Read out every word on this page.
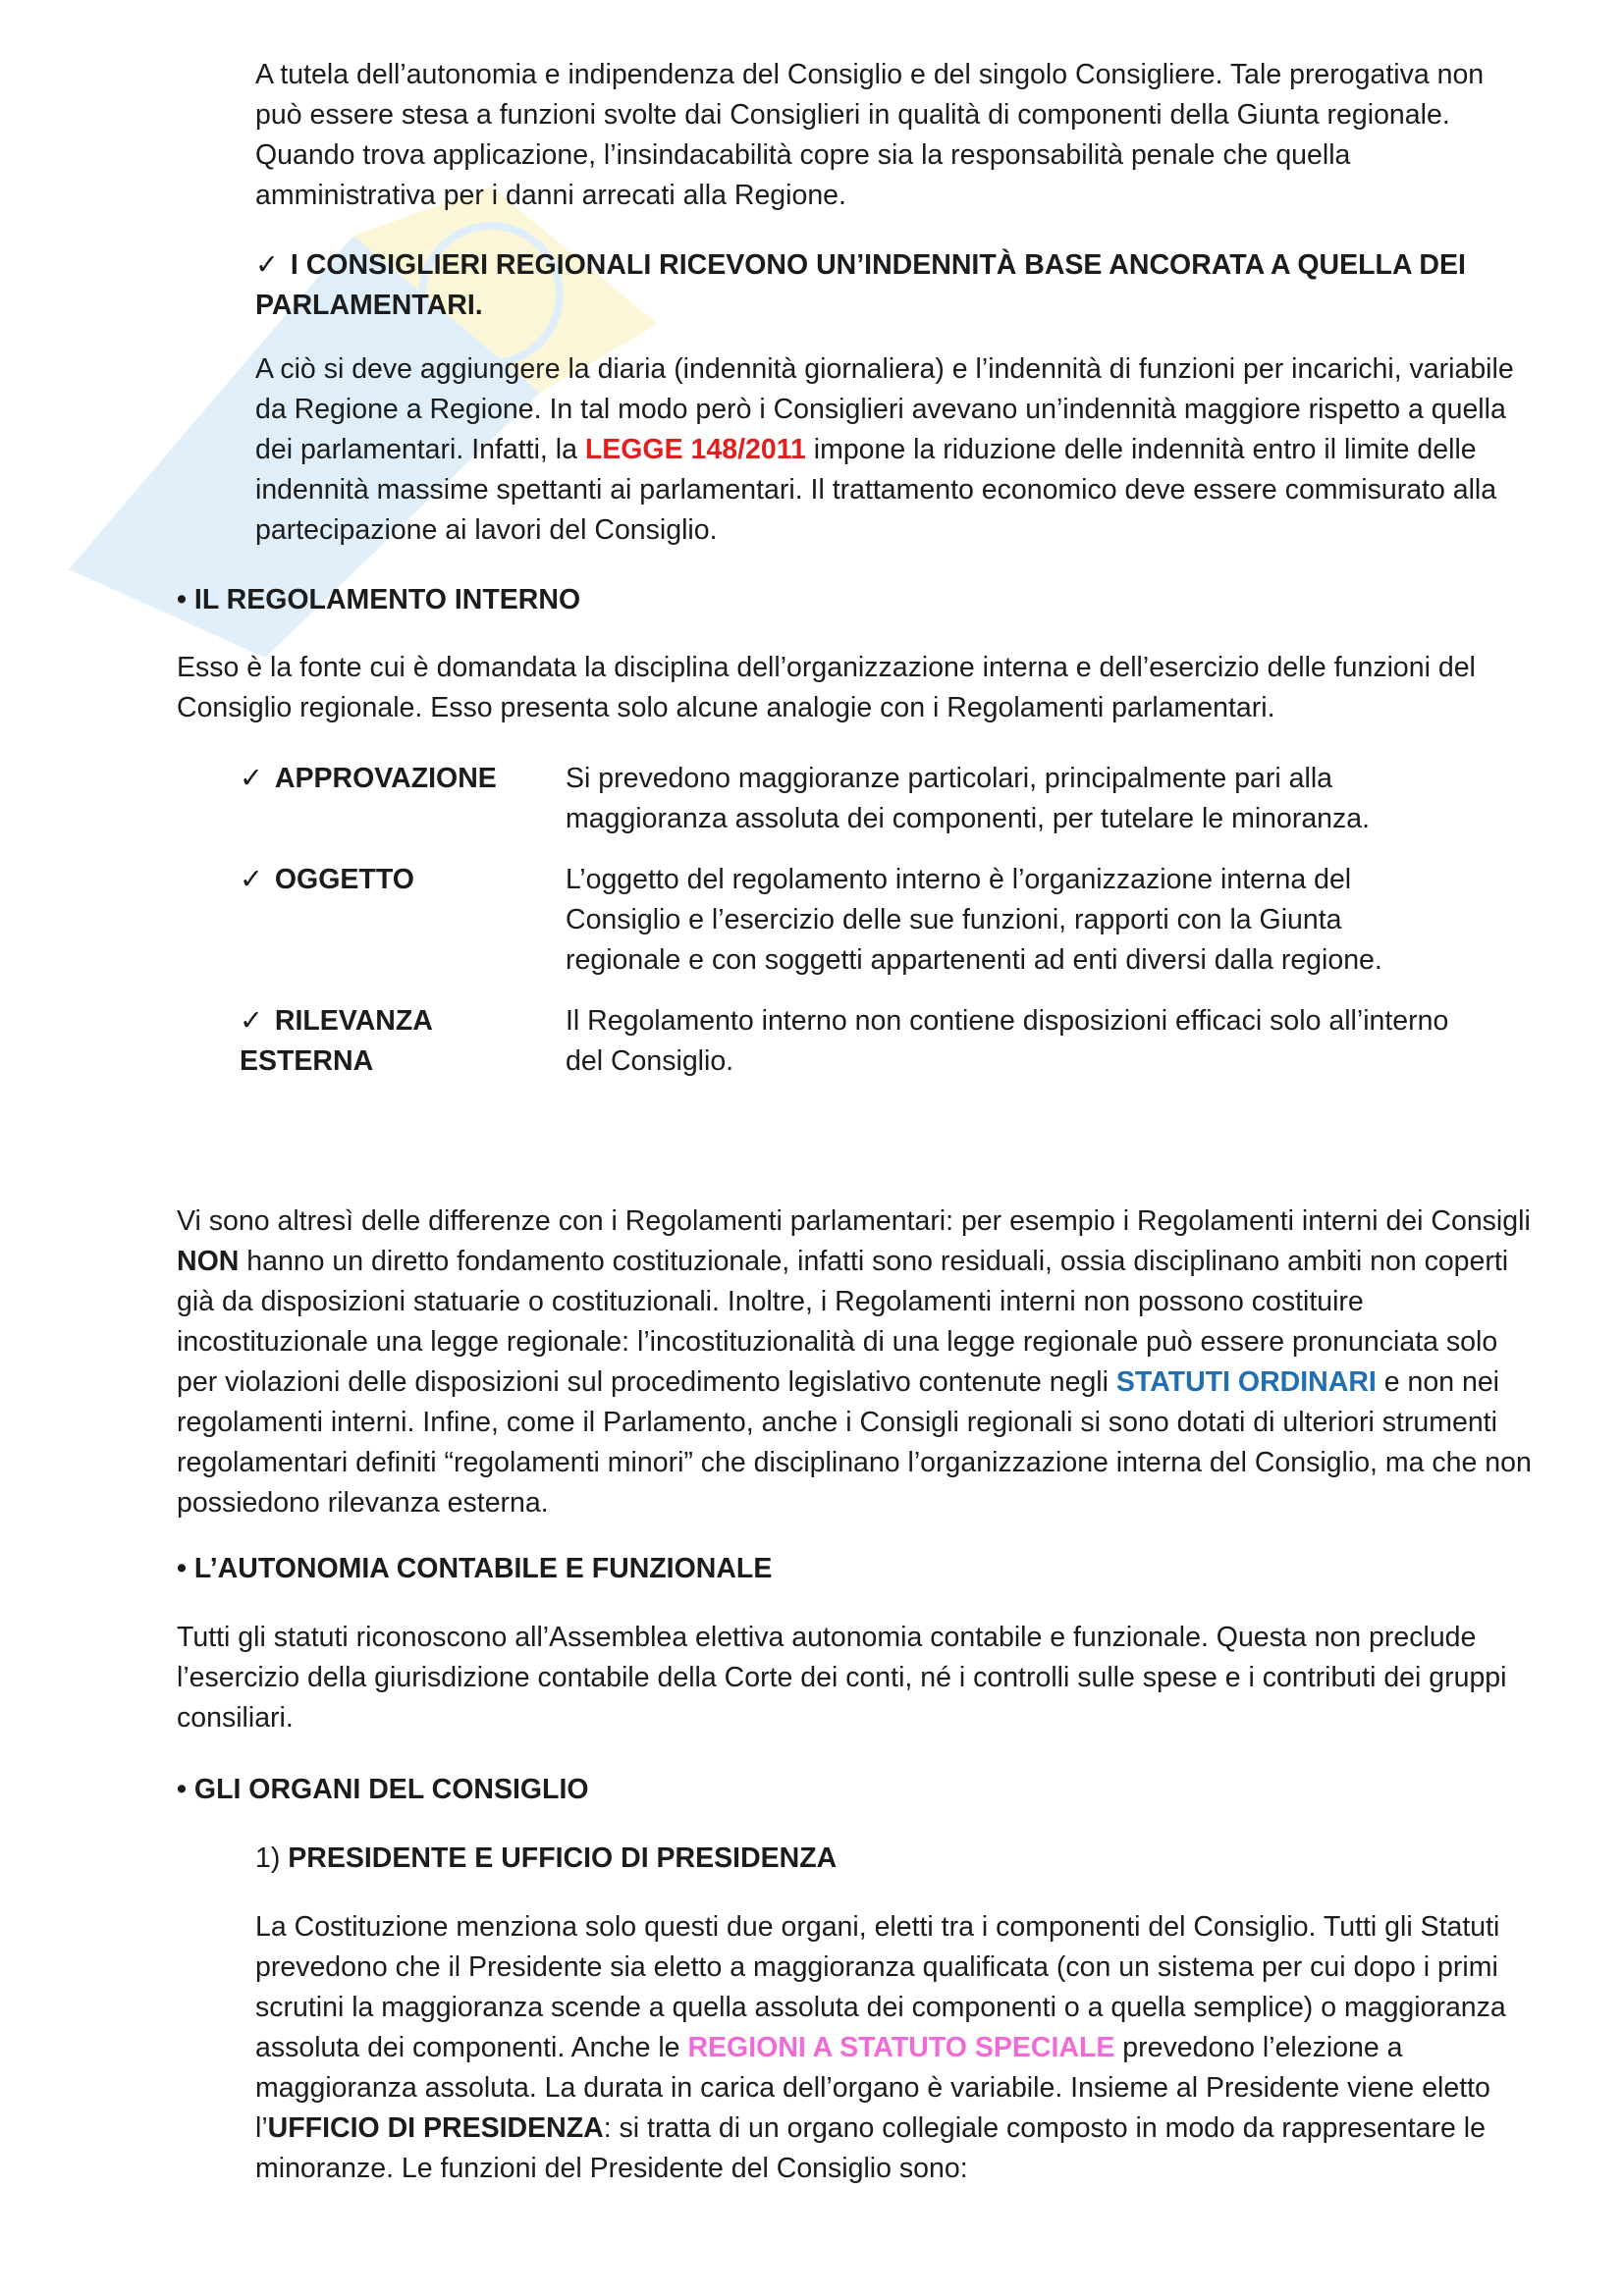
A tutela dell’autonomia e indipendenza del Consiglio e del singolo Consigliere. Tale prerogativa non può essere stesa a funzioni svolte dai Consiglieri in qualità di componenti della Giunta regionale. Quando trova applicazione, l’insindacabilità copre sia la responsabilità penale che quella amministrativa per i danni arrecati alla Regione.

✓ I CONSIGLIERI REGIONALI RICEVONO UN’INDENNITÀ BASE ANCORATA A QUELLA DEI PARLAMENTARI.

A ciò si deve aggiungere la diaria (indennità giornaliera) e l’indennità di funzioni per incarichi, variabile da Regione a Regione. In tal modo però i Consiglieri avevano un’indennità maggiore rispetto a quella dei parlamentari. Infatti, la LEGGE 148/2011 impone la riduzione delle indennità entro il limite delle indennità massime spettanti ai parlamentari. Il trattamento economico deve essere commisurato alla partecipazione ai lavori del Consiglio.

• IL REGOLAMENTO INTERNO

Esso è la fonte cui è domandata la disciplina dell’organizzazione interna e dell’esercizio delle funzioni del Consiglio regionale. Esso presenta solo alcune analogie con i Regolamenti parlamentari.

✓ APPROVAZIONE	Si prevedono maggioranze particolari, principalmente pari alla maggioranza assoluta dei componenti, per tutelare le minoranza.
✓ OGGETTO	L’oggetto del regolamento interno è l’organizzazione interna del Consiglio e l’esercizio delle sue funzioni, rapporti con la Giunta regionale e con soggetti appartenenti ad enti diversi dalla regione.
✓ RILEVANZA ESTERNA
Il Regolamento interno non contiene disposizioni efficaci solo all’interno del Consiglio.

Vi sono altresì delle differenze con i Regolamenti parlamentari: per esempio i Regolamenti interni dei Consigli NON hanno un diretto fondamento costituzionale, infatti sono residuali, ossia disciplinano ambiti non coperti già da disposizioni statuarie o costituzionali. Inoltre, i Regolamenti interni non possono costituire incostituzionale una legge regionale: l’incostituzionalità di una legge regionale può essere pronunciata solo per violazioni delle disposizioni sul procedimento legislativo contenute negli STATUTI ORDINARI e non nei regolamenti interni. Infine, come il Parlamento, anche i Consigli regionali si sono dotati di ulteriori strumenti regolamentari definiti “regolamenti minori” che disciplinano l’organizzazione interna del Consiglio, ma che non possiedono rilevanza esterna.

• L’AUTONOMIA CONTABILE E FUNZIONALE

Tutti gli statuti riconoscono all’Assemblea elettiva autonomia contabile e funzionale. Questa non preclude l’esercizio della giurisdizione contabile della Corte dei conti, né i controlli sulle spese e i contributi dei gruppi consiliari.

• GLI ORGANI DEL CONSIGLIO

1) PRESIDENTE E UFFICIO DI PRESIDENZA

La Costituzione menziona solo questi due organi, eletti tra i componenti del Consiglio. Tutti gli Statuti prevedono che il Presidente sia eletto a maggioranza qualificata (con un sistema per cui dopo i primi scrutini la maggioranza scende a quella assoluta dei componenti o a quella semplice) o maggioranza assoluta dei componenti. Anche le REGIONI A STATUTO SPECIALE prevedono l’elezione a maggioranza assoluta. La durata in carica dell’organo è variabile. Insieme al Presidente viene eletto l’UFFICIO DI PRESIDENZA: si tratta di un organo collegiale composto in modo da rappresentare le minoranze. Le funzioni del Presidente del Consiglio sono:
